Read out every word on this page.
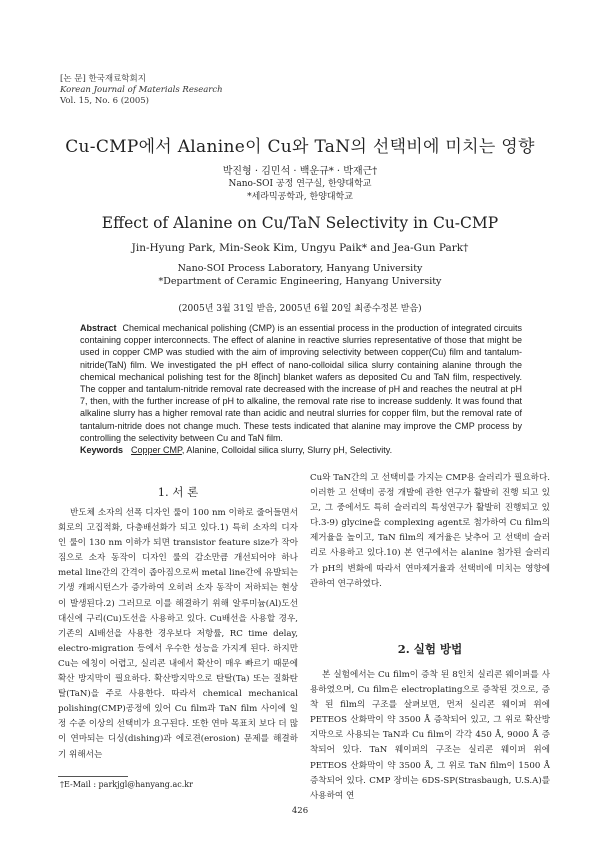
[논 문] 한국재료학회지
Korean Journal of Materials Research
Vol. 15, No. 6 (2005)
Cu-CMP에서 Alanine이 Cu와 TaN의 선택비에 미치는 영향
박진형 · 김민석 · 백운규* · 박재근†
Nano-SOI 공정 연구실, 한양대학교
*세라믹공학과, 한양대학교
Effect of Alanine on Cu/TaN Selectivity in Cu-CMP
Jin-Hyung Park, Min-Seok Kim, Ungyu Paik* and Jea-Gun Park†
Nano-SOI Process Laboratory, Hanyang University
*Department of Ceramic Engineering, Hanyang University
(2005년 3월 31일 받음, 2005년 6월 20일 최종수정본 받음)
Abstract Chemical mechanical polishing (CMP) is an essential process in the production of integrated circuits containing copper interconnects. The effect of alanine in reactive slurries representative of those that might be used in copper CMP was studied with the aim of improving selectivity between copper(Cu) film and tantalum-nitride(TaN) film. We investigated the pH effect of nano-colloidal silica slurry containing alanine through the chemical mechanical polishing test for the 8[inch] blanket wafers as deposited Cu and TaN film, respectively. The copper and tantalum-nitride removal rate decreased with the increase of pH and reaches the neutral at pH 7, then, with the further increase of pH to alkaline, the removal rate rise to increase suddenly. It was found that alkaline slurry has a higher removal rate than acidic and neutral slurries for copper film, but the removal rate of tantalum-nitride does not change much. These tests indicated that alanine may improve the CMP process by controlling the selectivity between Cu and TaN film.
Keywords Copper CMP, Alanine, Colloidal silica slurry, Slurry pH, Selectivity.
1. 서 론

반도체 소자의 선폭 디자인 룰이 100 nm 이하로 줄어들면서 회로의 고집적화, 다층배선화가 되고 있다.1) 특히 소자의 디자인 룰이 130 nm 이하가 되면 transistor feature size가 작아짐으로 소자 동작이 디자인 룰의 감소만큼 개선되어야 하나 metal line간의 간격이 좁아짐으로써 metal line간에 유발되는 기생 캐패시턴스가 증가하여 오히려 소자 동작이 저하되는 현상이 발생된다.2) 그러므로 이를 해결하기 위해 알루미늄(Al)도선 대신에 구리(Cu)도선을 사용하고 있다. Cu배선을 사용할 경우, 기존의 Al배선을 사용한 경우보다 저항률, RC time delay, electro-migration 등에서 우수한 성능을 가지게 된다. 하지만 Cu는 에칭이 어렵고, 실리콘 내에서 확산이 매우 빠르기 때문에 확산 방지막이 필요하다. 확산방지막으로 탄탈(Ta) 또는 질화탄탈(TaN)을 주로 사용한다. 따라서 chemical mechanical polishing(CMP)공정에 있어 Cu film과 TaN film 사이에 일정 수준 이상의 선택비가 요구된다. 또한 연마 목표치 보다 더 많이 연마되는 디싱(dishing)과 에로젼(erosion) 문제를 해결하기 위해서는

Cu와 TaN간의 고 선택비를 가지는 CMP용 슬러리가 필요하다. 이러한 고 선택비 공정 개발에 관한 연구가 활발히 진행 되고 있고, 그 중에서도 특히 슬러리의 특성연구가 활발히 진행되고 있다.3-9) glycine을 complexing agent로 첨가하여 Cu film의 제거율을 높이고, TaN film의 제거율은 낮추어 고 선택비 슬러리로 사용하고 있다.10) 본 연구에서는 alanine 첨가된 슬러리가 pH의 변화에 따라서 연마제거율과 선택비에 미치는 영향에 관하여 연구하였다.

2. 실험 방법

본 실험에서는 Cu film이 증착 된 8인치 실리콘 웨이퍼를 사용하였으며, Cu film은 electroplating으로 증착된 것으로, 증착 된 film의 구조를 살펴보면, 먼저 실리콘 웨이퍼 위에 PETEOS 산화막이 약 3500 Å 증착되어 있고, 그 위로 확산방지막으로 사용되는 TaN과 Cu film이 각각 450 Å, 9000 Å 증착되어 있다. TaN 웨이퍼의 구조는 실리콘 웨이퍼 위에 PETEOS 산화막이 약 3500 Å, 그 위로 TaN film이 1500 Å 증착되어 있다. CMP 장비는 6DS-SP(Strasbaugh, U.S.A)를 사용하여 연

†E-Mail : parkjgl@hanyang.ac.kr
426
